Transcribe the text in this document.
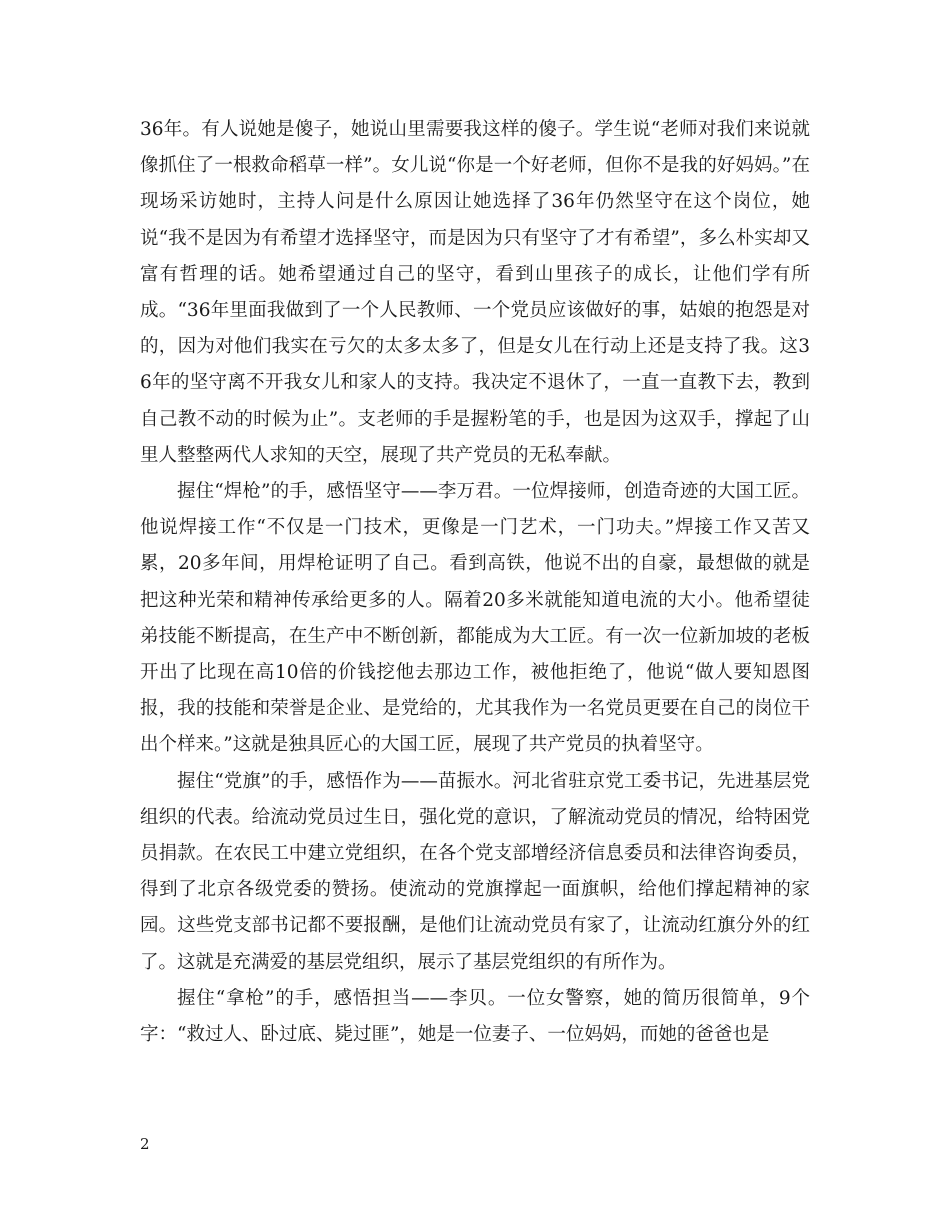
36年。有人说她是傻子，她说山里需要我这样的傻子。学生说“老师对我们来说就像抓住了一根救命稻草一样”。女儿说“你是一个好老师，但你不是我的好妈妈。”在现场采访她时，主持人问是什么原因让她选择了36年仍然坚守在这个岗位，她说“我不是因为有希望才选择坚守，而是因为只有坚守了才有希望”，多么朴实却又富有哲理的话。她希望通过自己的坚守，看到山里孩子的成长，让他们学有所成。“36年里面我做到了一个人民教师、一个党员应该做好的事，姑娘的抱怨是对的，因为对他们我实在亏欠的太多太多了，但是女儿在行动上还是支持了我。这36年的坚守离不开我女儿和家人的支持。我决定不退休了，一直一直教下去，教到自己教不动的时候为止”。支老师的手是握粉笔的手，也是因为这双手，撑起了山里人整整两代人求知的天空，展现了共产党员的无私奉献。

握住“焊枪”的手，感悟坚守——李万君。一位焊接师，创造奇迹的大国工匠。他说焊接工作“不仅是一门技术，更像是一门艺术，一门功夫。”焊接工作又苦又累，20多年间，用焊枪证明了自己。看到高铁，他说不出的自豪，最想做的就是把这种光荣和精神传承给更多的人。隔着20多米就能知道电流的大小。他希望徒弟技能不断提高，在生产中不断创新，都能成为大工匠。有一次一位新加坡的老板开出了比现在高10倍的价钱挖他去那边工作，被他拒绝了，他说“做人要知恩图报，我的技能和荣誉是企业、是党给的，尤其我作为一名党员更要在自己的岗位干出个样来。”这就是独具匠心的大国工匠，展现了共产党员的执着坚守。

握住“党旗”的手，感悟作为——苗振水。河北省驻京党工委书记，先进基层党组织的代表。给流动党员过生日，强化党的意识，了解流动党员的情况，给特困党员捐款。在农民工中建立党组织，在各个党支部增经济信息委员和法律咨询委员，得到了北京各级党委的赞扬。使流动的党旗撑起一面旗帜，给他们撑起精神的家园。这些党支部书记都不要报酬，是他们让流动党员有家了，让流动红旗分外的红了。这就是充满爱的基层党组织，展示了基层党组织的有所作为。

握住“拿枪”的手，感悟担当——李贝。一位女警察，她的简历很简单，9个字：“救过人、卧过底、毙过匪”，她是一位妻子、一位妈妈，而她的爸爸也是

2
